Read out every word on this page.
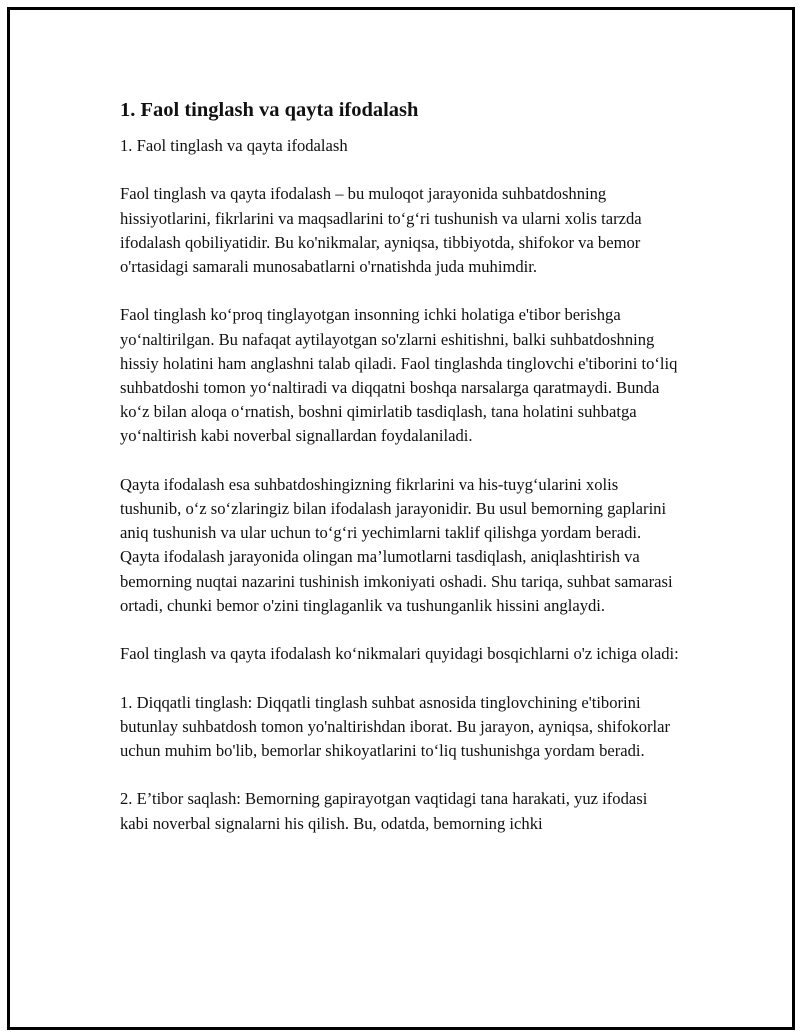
1. Faol tinglash va qayta ifodalash

1. Faol tinglash va qayta ifodalash

Faol tinglash va qayta ifodalash – bu muloqot jarayonida suhbatdoshning hissiyotlarini, fikrlarini va maqsadlarini to‘g‘ri tushunish va ularni xolis tarzda ifodalash qobiliyatidir. Bu ko'nikmalar, ayniqsa, tibbiyotda, shifokor va bemor o'rtasidagi samarali munosabatlarni o'rnatishda juda muhimdir.

Faol tinglash ko‘proq tinglayotgan insonning ichki holatiga e'tibor berishga yo‘naltirilgan. Bu nafaqat aytilayotgan so'zlarni eshitishni, balki suhbatdoshning hissiy holatini ham anglashni talab qiladi. Faol tinglashda tinglovchi e'tiborini to‘liq suhbatdoshi tomon yo‘naltiradi va diqqatni boshqa narsalarga qaratmaydi. Bunda ko‘z bilan aloqa o‘rnatish, boshni qimirlatib tasdiqlash, tana holatini suhbatga yo‘naltirish kabi noverbal signallardan foydalaniladi.

Qayta ifodalash esa suhbatdoshingizning fikrlarini va his-tuyg‘ularini xolis tushunib, o‘z so‘zlaringiz bilan ifodalash jarayonidir. Bu usul bemorning gaplarini aniq tushunish va ular uchun to‘g‘ri yechimlarni taklif qilishga yordam beradi. Qayta ifodalash jarayonida olingan ma’lumotlarni tasdiqlash, aniqlashtirish va bemorning nuqtai nazarini tushinish imkoniyati oshadi. Shu tariqa, suhbat samarasi ortadi, chunki bemor o'zini tinglaganlik va tushunganlik hissini anglaydi.

Faol tinglash va qayta ifodalash ko‘nikmalari quyidagi bosqichlarni o'z ichiga oladi:

1. Diqqatli tinglash: Diqqatli tinglash suhbat asnosida tinglovchining e'tiborini butunlay suhbatdosh tomon yo'naltirishdan iborat. Bu jarayon, ayniqsa, shifokorlar uchun muhim bo'lib, bemorlar shikoyatlarini to‘liq tushunishga yordam beradi.

2. E’tibor saqlash: Bemorning gapirayotgan vaqtidagi tana harakati, yuz ifodasi kabi noverbal signalarni his qilish. Bu, odatda, bemorning ichki
